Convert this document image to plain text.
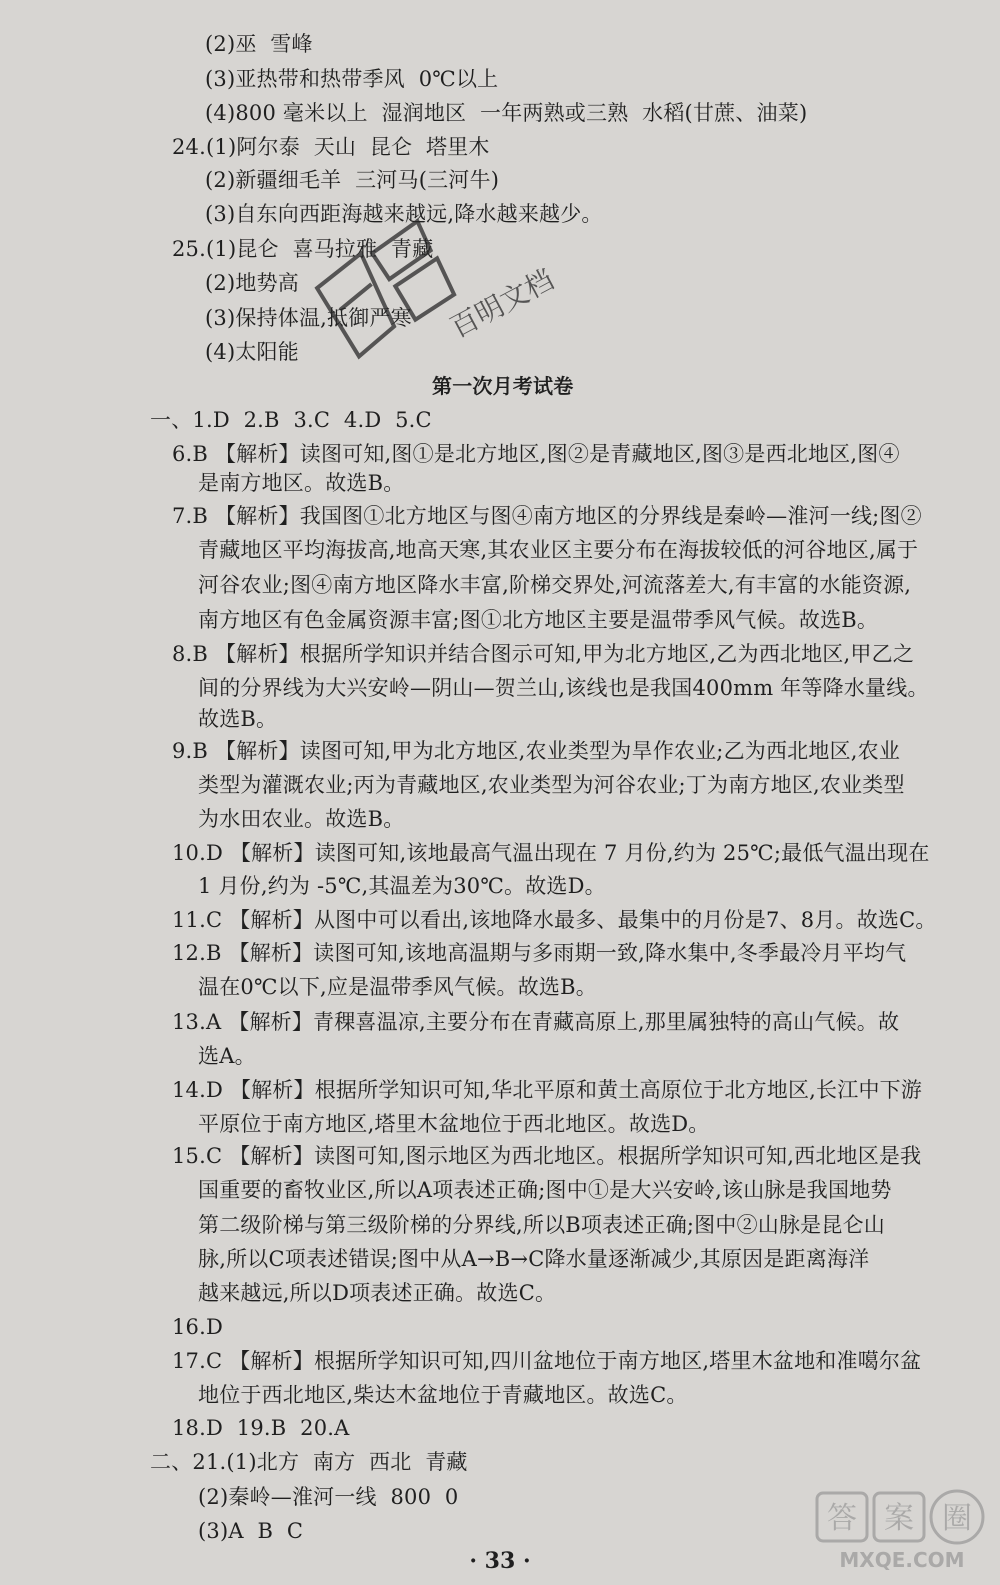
(2)巫  雪峰
(3)亚热带和热带季风  0℃以上
(4)800 毫米以上  湿润地区  一年两熟或三熟  水稻(甘蔗、油菜)
24.(1)阿尔泰  天山  昆仑  塔里木
(2)新疆细毛羊  三河马(三河牛)
(3)自东向西距海越来越远,降水越来越少。
25.(1)昆仑  喜马拉雅  青藏
(2)地势高
(3)保持体温,抵御严寒
(4)太阳能
第一次月考试卷
一、1.D  2.B  3.C  4.D  5.C
6.B 【解析】读图可知,图①是北方地区,图②是青藏地区,图③是西北地区,图④
是南方地区。故选B。
7.B 【解析】我国图①北方地区与图④南方地区的分界线是秦岭—淮河一线;图②
青藏地区平均海拔高,地高天寒,其农业区主要分布在海拔较低的河谷地区,属于
河谷农业;图④南方地区降水丰富,阶梯交界处,河流落差大,有丰富的水能资源,
南方地区有色金属资源丰富;图①北方地区主要是温带季风气候。故选B。
8.B 【解析】根据所学知识并结合图示可知,甲为北方地区,乙为西北地区,甲乙之
间的分界线为大兴安岭—阴山—贺兰山,该线也是我国400mm 年等降水量线。
故选B。
9.B 【解析】读图可知,甲为北方地区,农业类型为旱作农业;乙为西北地区,农业
类型为灌溉农业;丙为青藏地区,农业类型为河谷农业;丁为南方地区,农业类型
为水田农业。故选B。
10.D 【解析】读图可知,该地最高气温出现在 7 月份,约为 25℃;最低气温出现在
1 月份,约为 -5℃,其温差为30℃。故选D。
11.C 【解析】从图中可以看出,该地降水最多、最集中的月份是7、8月。故选C。
12.B 【解析】读图可知,该地高温期与多雨期一致,降水集中,冬季最冷月平均气
温在0℃以下,应是温带季风气候。故选B。
13.A 【解析】青稞喜温凉,主要分布在青藏高原上,那里属独特的高山气候。故
选A。
14.D 【解析】根据所学知识可知,华北平原和黄土高原位于北方地区,长江中下游
平原位于南方地区,塔里木盆地位于西北地区。故选D。
15.C 【解析】读图可知,图示地区为西北地区。根据所学知识可知,西北地区是我
国重要的畜牧业区,所以A项表述正确;图中①是大兴安岭,该山脉是我国地势
第二级阶梯与第三级阶梯的分界线,所以B项表述正确;图中②山脉是昆仑山
脉,所以C项表述错误;图中从A→B→C降水量逐渐减少,其原因是距离海洋
越来越远,所以D项表述正确。故选C。
16.D
17.C 【解析】根据所学知识可知,四川盆地位于南方地区,塔里木盆地和准噶尔盆
地位于西北地区,柴达木盆地位于青藏地区。故选C。
18.D  19.B  20.A
二、21.(1)北方  南方  西北  青藏
(2)秦岭—淮河一线  800  0
(3)A  B  C
百明文档
答 案 圈
MXQE.COM
· 33 ·
